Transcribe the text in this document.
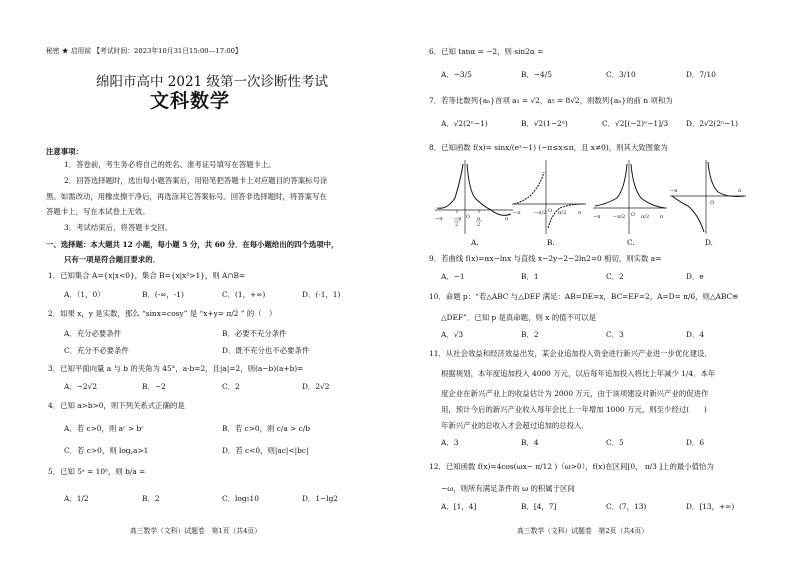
秘密 ★ 启用前 【考试时间：2023年10月31日15:00—17:00】
绵阳市高中 2021 级第一次诊断性考试
文科数学
注意事项：
1．答卷前，考生务必将自己的姓名、准考证号填写在答题卡上。
2．回答选择题时，选出每小题答案后，用铅笔把答题卡上对应题目的答案标号涂
黑。如需改动，用橡皮擦干净后，再选涂其它答案标号。回答非选择题时，将答案写在
答题卡上，写在本试卷上无效。
3．考试结束后，将答题卡交回。
一、选择题：本大题共 12 小题，每小题 5 分，共 60 分．在每小题给出的四个选项中，
只有一项是符合题目要求的．
1．已知集合 A={x|x<0}，集合 B={x|x²>1}，则 A∩B=
A．（1，0）	B．(-∞，-1)	C．(1，+∞)	D．(-1，1)
2．如果 x，y 是实数，那么 “sinx=cosy” 是 “x+y= π/2 ” 的（　）
A．充分必要条件	B．必要不充分条件
C．充分不必要条件	D．既不充分也不必要条件
3．已知平面向量 a 与 b 的夹角为 45°，a·b=2，且|a|=2，则(a−b)(a+b)=
A．−2√2	B．−2	C．2	D．2√2
4．已知 a>b>0，则下列关系式正确的是
A．若 c>0，则 aᶜ > bᶜ	B．若 c>0，则 c/a > c/b
C．若 c>0，则 log꜀a>1	D．若 c<0，则|ac|<|bc|
5．已知 5ᵃ = 10ᵇ，则 b/a =
A．1/2	B．2	C．log₅10	D．1−lg2
高三数学（文科）试题卷　第1页（共4页）
6．已知 tanα = −2，则 sin2α =
A．−3/5	B．−4/5	C．3/10	D．7/10
7．若等比数列{aₙ}首项 a₁ = √2，a₅ = 8√2，则数列{aₙ}的前 n 项和为
A．√2(2ⁿ−1)	B．√2(1−2ⁿ)	C．√2[(−2)ⁿ−1]/3 D．2√2(2ⁿ−1)
8．已知函数 f(x)= sinx/(eˣ−1) (−π≤x≤π，且 x≠0)，则其大致图象为
−π −π
2
O π
2
π
−π	−π/2 O π/2 π
−π	−π/2 O π/2 π
−π
O
π
A.	B.	C.	D.
9．若曲线 f(x)=αx−lnx 与直线 x−2y−2−2ln2=0 相切，则实数 a=
A．−1	B．1	C．2	D．e
10．命题 p：“若△ABC 与△DEF 满足：AB=DE=x，BC=EF=2，A=D= π/6，则△ABC≌
△DEF”．已知 p 是真命题，则 x 的值不可以是
A．√3	B．2	C．3	D．4
11．从社会效益和经济效益出发，某企业追加投入资金进行新兴产业进一步优化建设．
根据规划，本年度追加投入 4000 万元，以后每年追加投入将比上年减少 1/4．本年
度企业在新兴产业上的收益估计为 2000 万元，由于该项建设对新兴产业的促进作
用，预计今后的新兴产业收入每年会比上一年增加 1000 万元，则至少经过(　　)
年新兴产业的总收入才会超过追加的总投入．
A．3	B．4	C．5	D．6
12．已知函数 f(x)=4cos(ωx− π/12 )（ω>0），f(x)在区间[0， π/3 ]上的最小值恰为
−ω，则所有满足条件的 ω 的积属于区间
A．[1，4]	B．[4，7]	C．(7，13)	D．[13，+∞)
高三数学（文科）试题卷　第2页（共4页）
